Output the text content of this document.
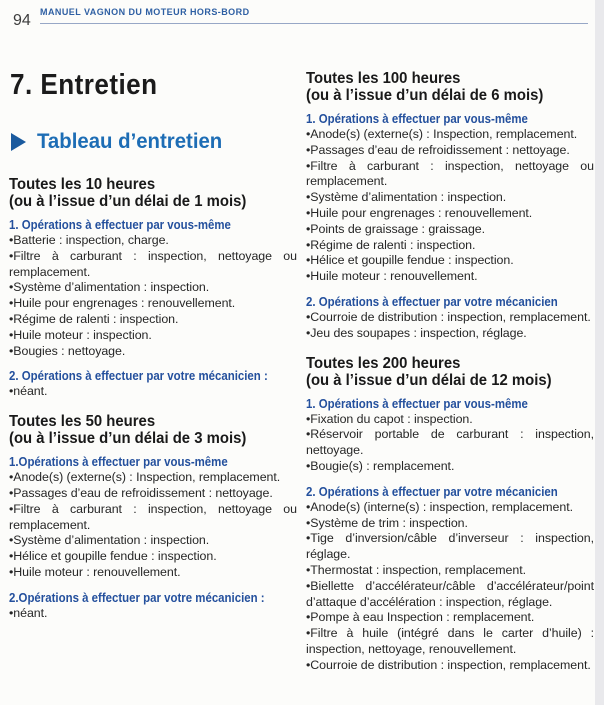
94 MANUEL VAGNON DU MOTEUR HORS-BORD
7. Entretien
Tableau d’entretien
Toutes les 10 heures
(ou à l’issue d’un délai de 1 mois)

1. Opérations à effectuer par vous-même

•Batterie : inspection, charge.

•Filtre à carburant : inspection, nettoyage ou remplacement.

•Système d’alimentation : inspection.

•Huile pour engrenages : renouvellement.

•Régime de ralenti : inspection.

•Huile moteur : inspection.

•Bougies : nettoyage.

2. Opérations à effectuer par votre mécanicien :

•néant.

Toutes les 50 heures
(ou à l’issue d’un délai de 3 mois)

1.Opérations à effectuer par vous-même

•Anode(s) (externe(s) : Inspection, remplacement.

•Passages d’eau de refroidissement : nettoyage.

•Filtre à carburant : inspection, nettoyage ou remplacement.

•Système d’alimentation : inspection.

•Hélice et goupille fendue : inspection.

•Huile moteur : renouvellement.

2.Opérations à effectuer par votre mécanicien :

•néant.

Toutes les 100 heures
(ou à l’issue d’un délai de 6 mois)

1. Opérations à effectuer par vous-même

•Anode(s) (externe(s) : Inspection, remplacement.

•Passages d’eau de refroidissement : nettoyage.

•Filtre à carburant : inspection, nettoyage ou remplacement.

•Système d’alimentation : inspection.

•Huile pour engrenages : renouvellement.

•Points de graissage : graissage.

•Régime de ralenti : inspection.

•Hélice et goupille fendue : inspection.

•Huile moteur : renouvellement.

2. Opérations à effectuer par votre mécanicien

•Courroie de distribution : inspection, remplacement.

•Jeu des soupapes : inspection, réglage.

Toutes les 200 heures
(ou à l’issue d’un délai de 12 mois)

1. Opérations à effectuer par vous-même

•Fixation du capot : inspection.

•Réservoir portable de carburant : inspection, nettoyage.

•Bougie(s) : remplacement.

2. Opérations à effectuer par votre mécanicien

•Anode(s) (interne(s) : inspection, remplacement.

•Système de trim : inspection.

•Tige d’inversion/câble d’inverseur : inspection, réglage.

•Thermostat : inspection, remplacement.

•Biellette d’accélérateur/câble d’accélérateur/point d’attaque d’accélération : inspection, réglage.

•Pompe à eau Inspection : remplacement.

•Filtre à huile (intégré dans le carter d’huile) : inspection, nettoyage, renouvellement.

•Courroie de distribution : inspection, remplacement.
